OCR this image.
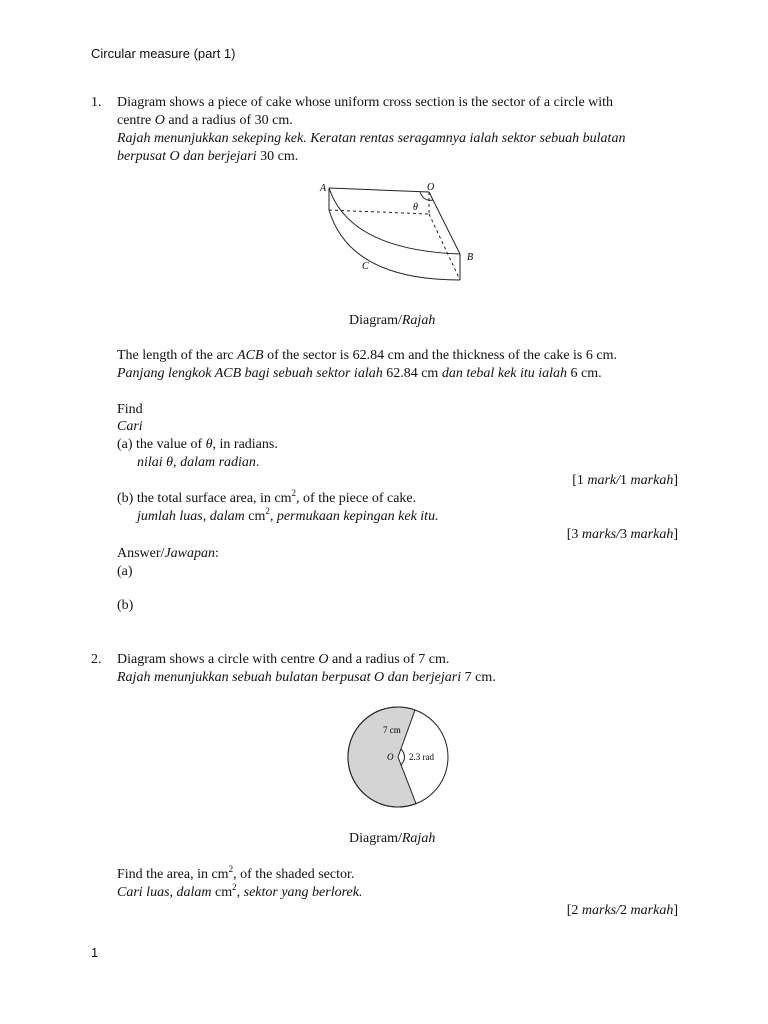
Circular measure (part 1)
1. Diagram shows a piece of cake whose uniform cross section is the sector of a circle with
centre O and a radius of 30 cm.
Rajah menunjukkan sekeping kek. Keratan rentas seragamnya ialah sektor sebuah bulatan
berpusat O dan berjejari 30 cm.
A	O
θ
B
C
Diagram/Rajah
The length of the arc ACB of the sector is 62.84 cm and the thickness of the cake is 6 cm.
Panjang lengkok ACB bagi sebuah sektor ialah 62.84 cm dan tebal kek itu ialah 6 cm.
Find
Cari
(a) the value of θ, in radians.
nilai θ, dalam radian.
[1 mark/1 markah]
(b) the total surface area, in $cm^2$, of the piece of cake.
jumlah luas, dalam $cm^2$, permukaan kepingan kek itu.
[3 marks/3 markah]
Answer/Jawapan:
(a)
(b)
2. Diagram shows a circle with centre O and a radius of 7 cm.
Rajah menunjukkan sebuah bulatan berpusat O dan berjejari 7 cm.
7 cm
O 2.3 rad
Diagram/Rajah
Find the area, in $cm^2$, of the shaded sector.
Cari luas, dalam $cm^2$, sektor yang berlorek.
[2 marks/2 markah]
1
